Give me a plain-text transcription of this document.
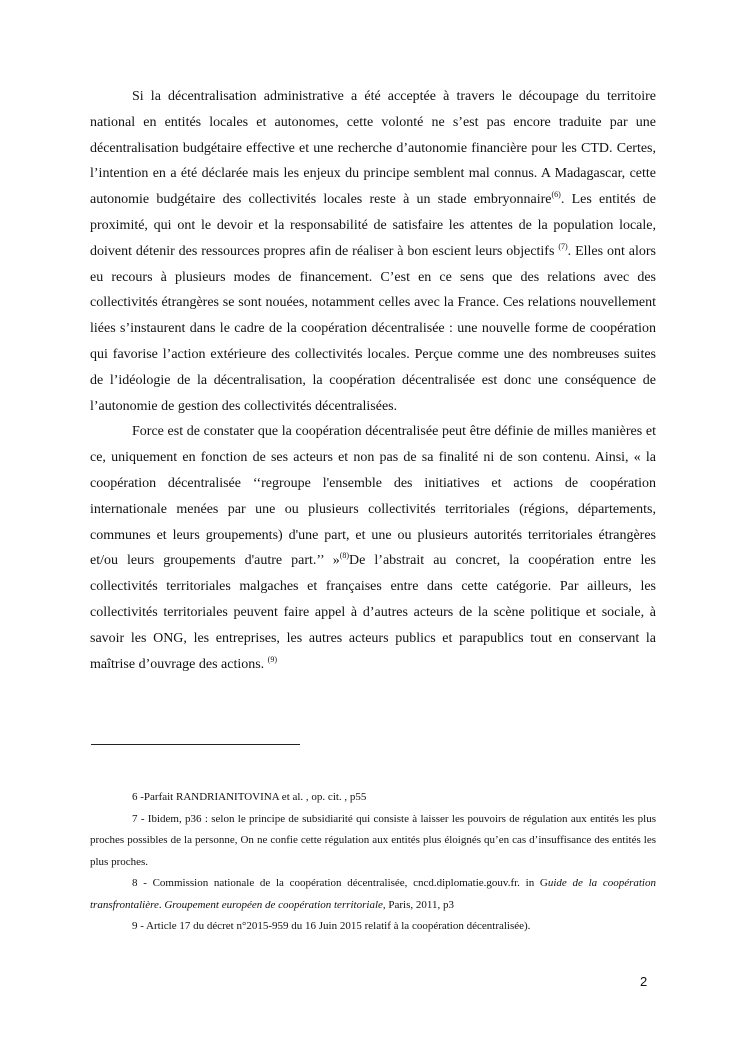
Si la décentralisation administrative a été acceptée à travers le découpage du territoire national en entités locales et autonomes, cette volonté ne s’est pas encore traduite par une décentralisation budgétaire effective et une recherche d’autonomie financière pour les CTD. Certes, l’intention en a été déclarée mais les enjeux du principe semblent mal connus. A Madagascar, cette autonomie budgétaire des collectivités locales reste à un stade embryonnaire$^{(6)}$. Les entités de proximité, qui ont le devoir et la responsabilité de satisfaire les attentes de la population locale, doivent détenir des ressources propres afin de réaliser à bon escient leurs objectifs $^{(7)}$. Elles ont alors eu recours à plusieurs modes de financement. C’est en ce sens que des relations avec des collectivités étrangères se sont nouées, notamment celles avec la France. Ces relations nouvellement liées s’instaurent dans le cadre de la coopération décentralisée : une nouvelle forme de coopération qui favorise l’action extérieure des collectivités locales. Perçue comme une des nombreuses suites de l’idéologie de la décentralisation, la coopération décentralisée est donc une conséquence de l’autonomie de gestion des collectivités décentralisées.

Force est de constater que la coopération décentralisée peut être définie de milles manières et ce, uniquement en fonction de ses acteurs et non pas de sa finalité ni de son contenu. Ainsi, « la coopération décentralisée ‘‘regroupe l'ensemble des initiatives et actions de coopération internationale menées par une ou plusieurs collectivités territoriales (régions, départements, communes et leurs groupements) d'une part, et une ou plusieurs autorités territoriales étrangères et/ou leurs groupements d'autre part.’’ »$^{(8)}$De l’abstrait au concret, la coopération entre les collectivités territoriales malgaches et françaises entre dans cette catégorie. Par ailleurs, les collectivités territoriales peuvent faire appel à d’autres acteurs de la scène politique et sociale, à savoir les ONG, les entreprises, les autres acteurs publics et parapublics tout en conservant la maîtrise d’ouvrage des actions. $^{(9)}$

6 -Parfait RANDRIANITOVINA et al. , op. cit. , p55

7 - Ibidem, p36 : selon le principe de subsidiarité qui consiste à laisser les pouvoirs de régulation aux entités les plus proches possibles de la personne, On ne confie cette régulation aux entités plus éloignés qu’en cas d’insuffisance des entités les plus proches.

8 - Commission nationale de la coopération décentralisée, cncd.diplomatie.gouv.fr. in Guide de la coopération transfrontalière. Groupement européen de coopération territoriale, Paris, 2011, p3

9 - Article 17 du décret n°2015-959 du 16 Juin 2015 relatif à la coopération décentralisée).

2
